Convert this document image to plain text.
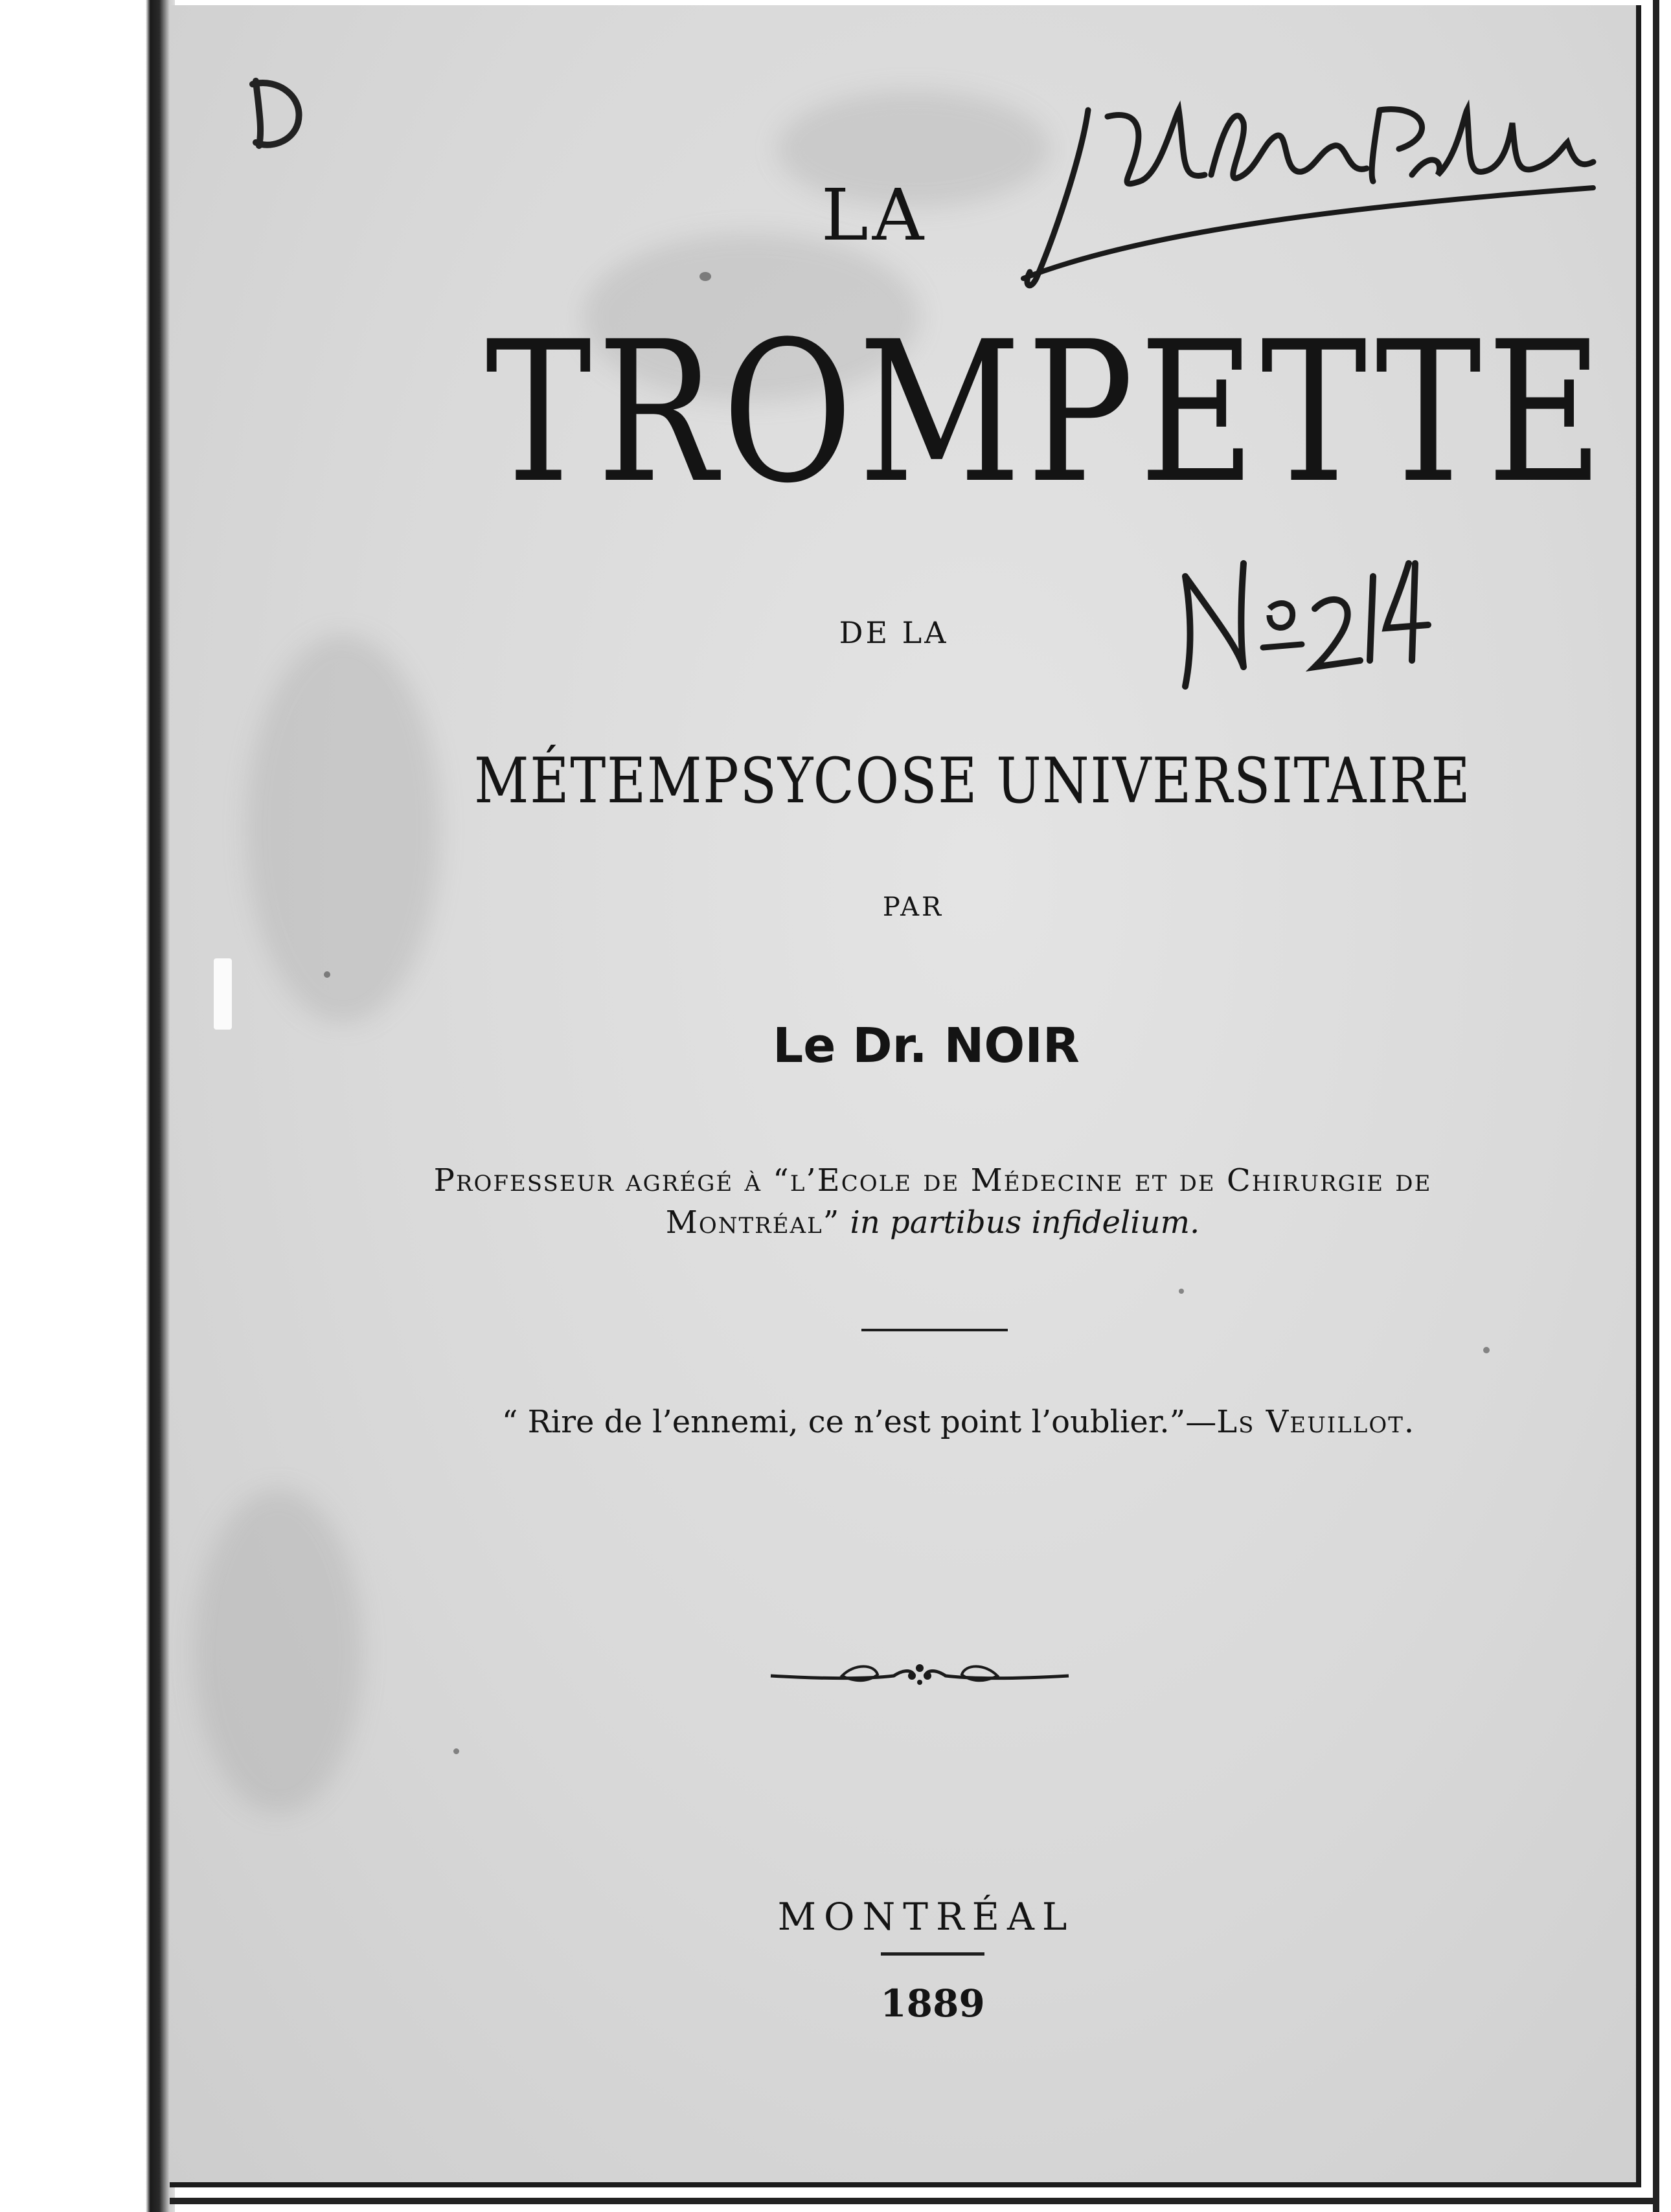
LA
TROMPETTE
DE LA
MÉTEMPSYCOSE UNIVERSITAIRE
PAR
Le Dr. NOIR
Professeur agrégé à “l’Ecole de Médecine et de Chirurgie de
Montréal” in partibus infidelium.
“ Rire de l’ennemi, ce n’est point l’oublier.”—Ls Veuillot.
MONTRÉAL
1889
